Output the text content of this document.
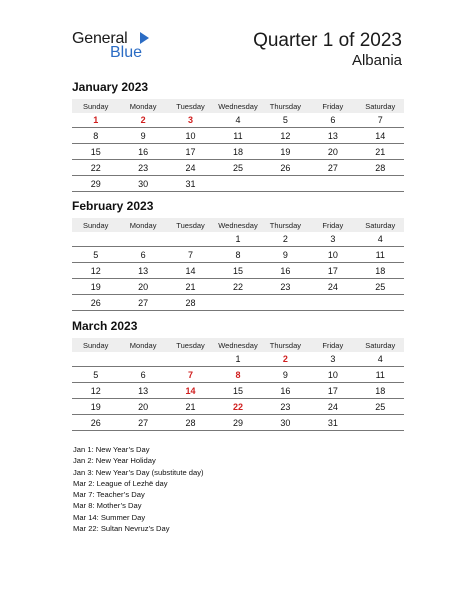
General
Blue
Quarter 1 of 2023
Albania
January 2023
Sunday	Monday	Tuesday	Wednesday	Thursday	Friday	Saturday
1	2	3	4	5	6	7
8	9	10	11	12	13	14
15	16	17	18	19	20	21
22	23	24	25	26	27	28
29	30	31				
February 2023
Sunday	Monday	Tuesday	Wednesday	Thursday	Friday	Saturday
			1	2	3	4
5	6	7	8	9	10	11
12	13	14	15	16	17	18
19	20	21	22	23	24	25
26	27	28				
March 2023
Sunday	Monday	Tuesday	Wednesday	Thursday	Friday	Saturday
			1	2	3	4
5	6	7	8	9	10	11
12	13	14	15	16	17	18
19	20	21	22	23	24	25
26	27	28	29	30	31	
Jan 1: New Year’s Day
Jan 2: New Year Holiday
Jan 3: New Year’s Day (substitute day)
Mar 2: League of Lezhë day
Mar 7: Teacher’s Day
Mar 8: Mother’s Day
Mar 14: Summer Day
Mar 22: Sultan Nevruz’s Day
